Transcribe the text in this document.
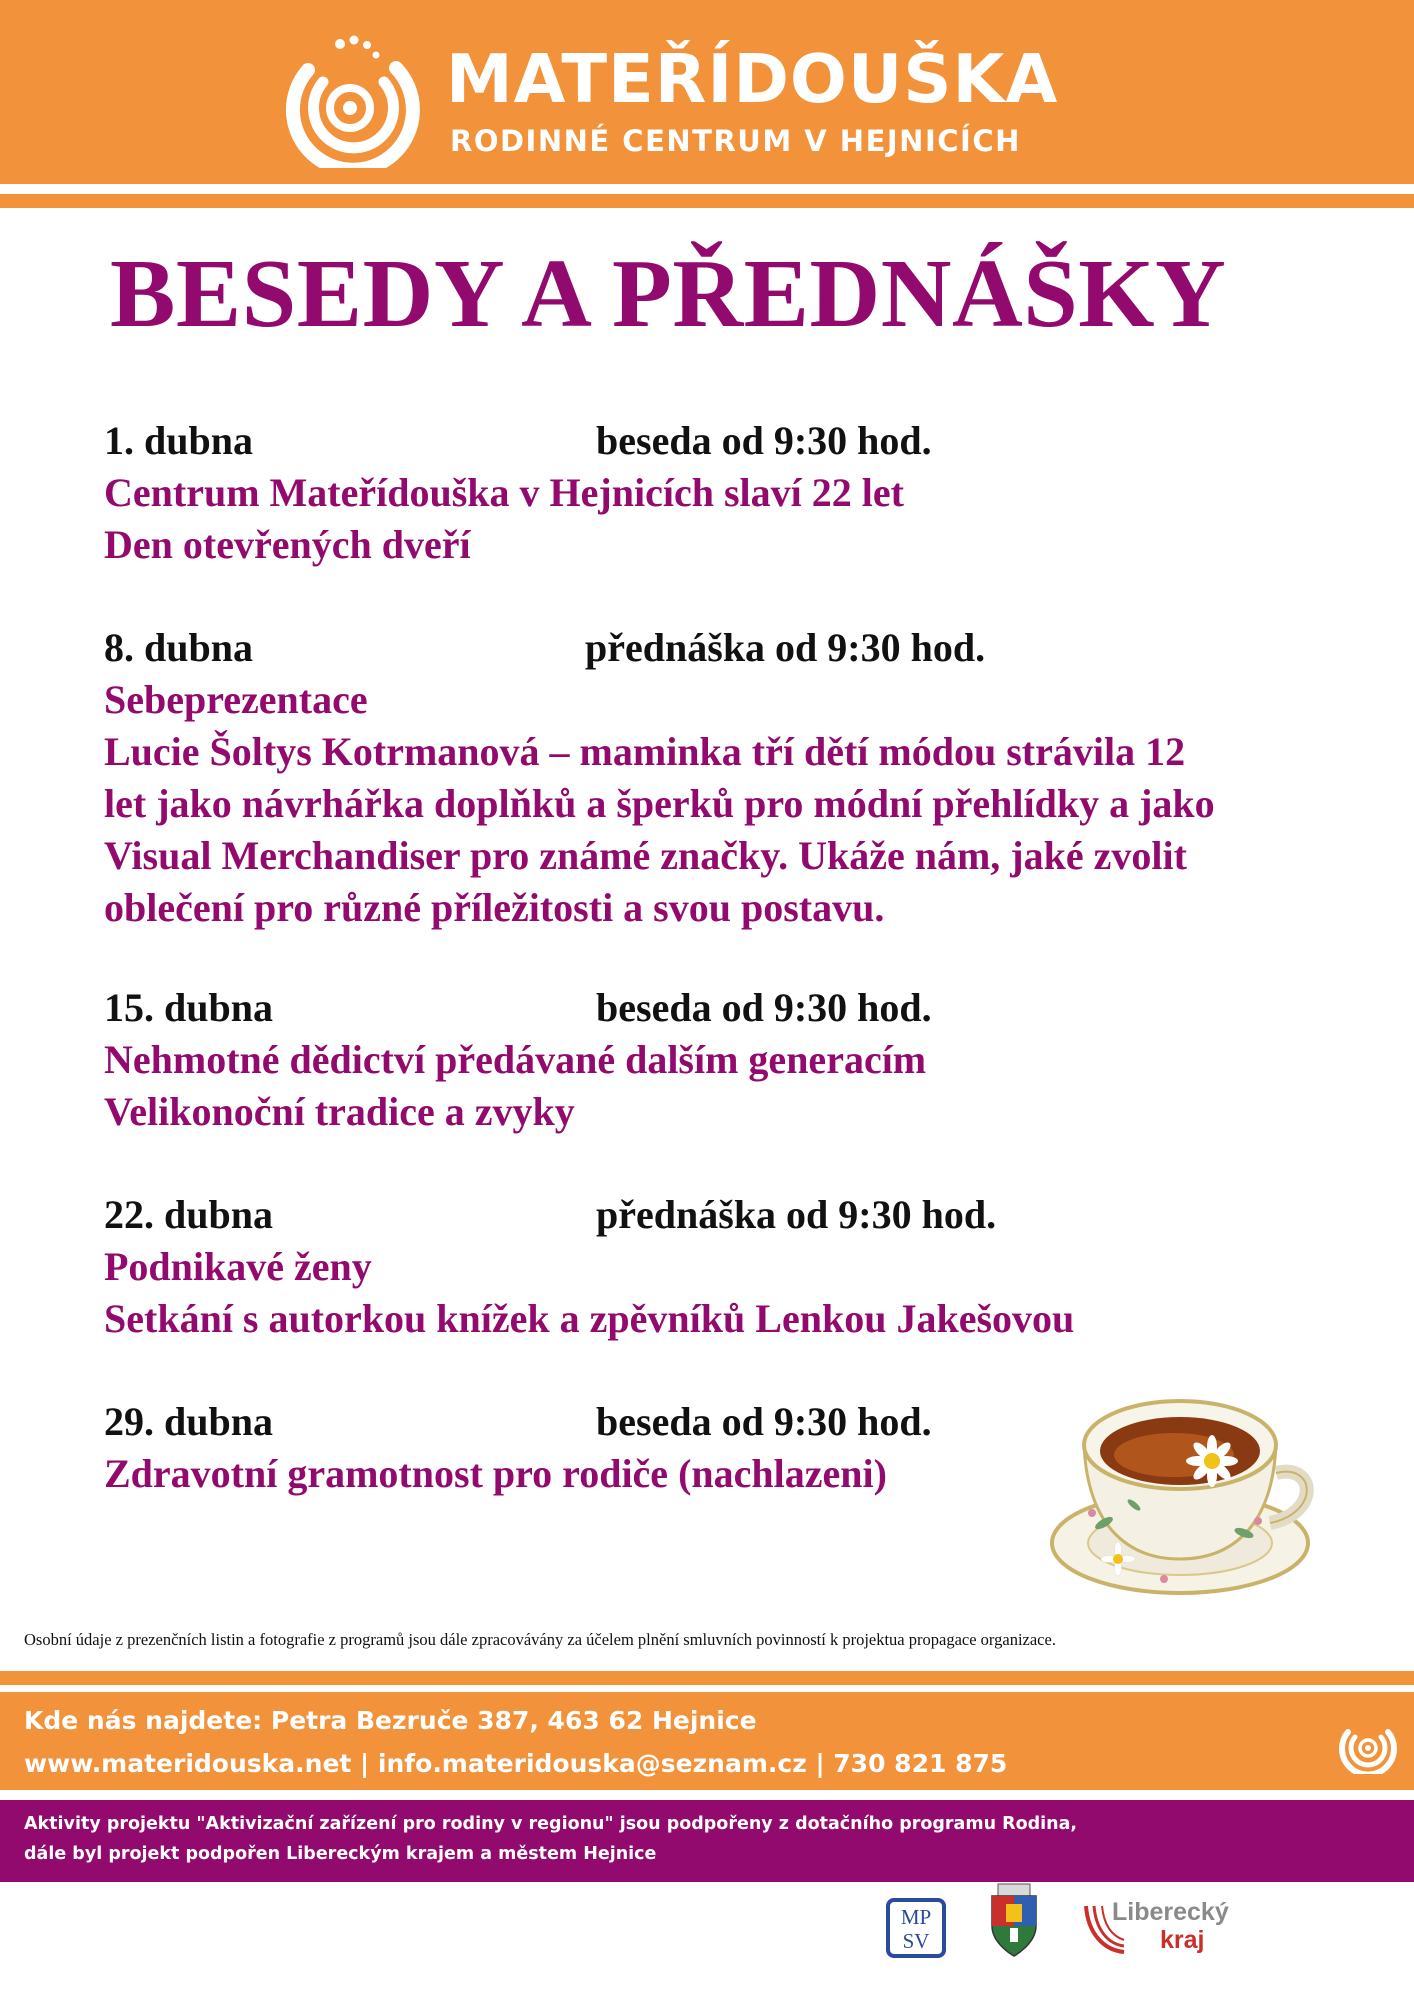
MATEŘÍDOUŠKA
RODINNÉ CENTRUM V HEJNICÍCH
BESEDY A PŘEDNÁŠKY
1. dubna	beseda od 9:30 hod.
Centrum Mateřídouška v Hejnicích slaví 22 let
Den otevřených dveří
8. dubna	přednáška od 9:30 hod.
Sebeprezentace
Lucie Šoltys Kotrmanová – maminka tří dětí módou strávila 12
let jako návrhářka doplňků a šperků pro módní přehlídky a jako
Visual Merchandiser pro známé značky. Ukáže nám, jaké zvolit
oblečení pro různé příležitosti a svou postavu.
15. dubna	beseda od 9:30 hod.
Nehmotné dědictví předávané dalším generacím
Velikonoční tradice a zvyky
22. dubna	přednáška od 9:30 hod.
Podnikavé ženy
Setkání s autorkou knížek a zpěvníků Lenkou Jakešovou
29. dubna	beseda od 9:30 hod.
Zdravotní gramotnost pro rodiče (nachlazeni)
Osobní údaje z prezenčních listin a fotografie z programů jsou dále zpracovávány za účelem plnění smluvních povinností k projektua propagace organizace.
Kde nás najdete: Petra Bezruče 387, 463 62 Hejnice
www.materidouska.net | info.materidouska@seznam.cz | 730 821 875
Aktivity projektu "Aktivizační zařízení pro rodiny v regionu" jsou podpořeny z dotačního programu Rodina,
dále byl projekt podpořen Libereckým krajem a městem Hejnice
MP
SV
Liberecký
kraj
